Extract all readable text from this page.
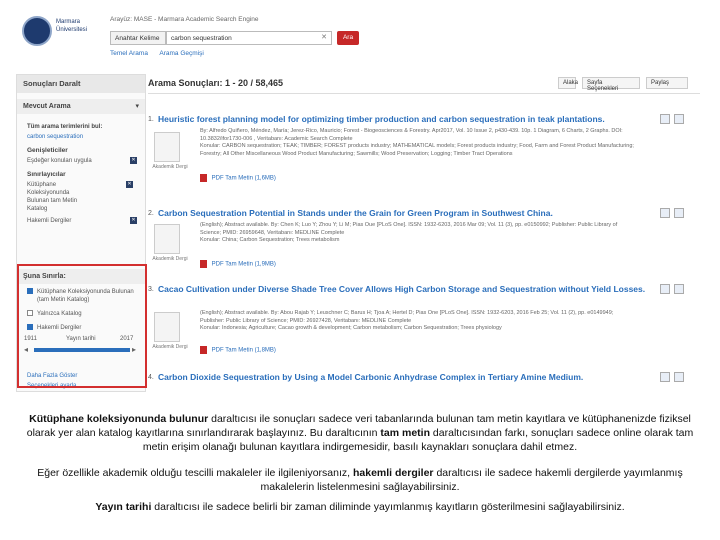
Marmara Üniversitesi
Arayüz: MASE - Marmara Academic Search Engine
Anahtar Kelime	carbon sequestration	✕	Ara
Temel Arama Arama Geçmişi
Sonuçları Daralt
Mevcut Arama	▾
Tüm arama terimlerini bul:
carbon sequestration
Genişleticiler
Eşdeğer konuları uygula	✕
Sınırlayıcılar
Kütüphane Koleksiyonunda Bulunan tam Metin Katalog
✕
Hakemli Dergiler	✕
Şuna Sınırla:
Kütüphane Koleksiyonunda Bulunan (tam Metin Katalog)
Yalnızca Katalog
Hakemli Dergiler
Daha Fazla Göster
Seçenekleri ayarla
1911	Yayın tarihi	2017
◂	▸
Arama Sonuçları: 1 - 20 / 58,465	Alaka	Sayfa Seçenekleri
Paylaş
1. Heuristic forest planning model for optimizing timber production and carbon sequestration in teak plantations.
Akademik Dergi
By: Alfredo Quiñero, Méndez, María; Jerez-Rico, Mauricio; Forest - Biogeosciences & Forestry. Apr2017, Vol. 10 Issue 2, p430-439. 10p. 1 Diagram, 6 Charts, 2 Graphs. DOI:
10.3832/ifor1730-006 , Veritabanı: Academic Search Complete
Konular: CARBON sequestration; TEAK; TIMBER; FOREST products industry; MATHEMATICAL models; Forest products industry; Food, Farm and Forest Product Manufacturing;
Forestry; All Other Miscellaneous Wood Product Manufacturing; Sawmills; Wood Preservation; Logging; Timber Tract Operations
PDF Tam Metin (1,6MB)
2. Carbon Sequestration Potential in Stands under the Grain for Green Program in Southwest China.
Akademik Dergi
(English); Abstract available. By: Chen K; Luo Y; Zhou Y; Li M; Pias Oue [PLoS One]. ISSN: 1932-6203, 2016 Mar 09; Vol. 11 (3), pp. e0150992; Publisher: Public Library of
Science; PMID: 26959648, Veritabanı: MEDLINE Complete
Konular: China; Carbon Sequestration; Trees metabolism
PDF Tam Metin (1,9MB)
3. Cacao Cultivation under Diverse Shade Tree Cover Allows High Carbon Storage and Sequestration without Yield Losses.
Akademik Dergi
(English); Abstract available. By: Abou Rajab Y; Leuschner C; Barus H; Tjoa A; Hertel D; Pias One [PLoS One]. ISSN: 1932-6203, 2016 Feb 25; Vol. 11 (2), pp. e0149949;
Publisher: Public Library of Science; PMID: 26927428, Veritabanı: MEDLINE Complete
Konular: Indonesia; Agriculture; Cacao growth & development; Carbon metabolism; Carbon Sequestration; Trees physiology
PDF Tam Metin (1,8MB)
4. Carbon Dioxide Sequestration by Using a Model Carbonic Anhydrase Complex in Tertiary Amine Medium.
Kütüphane koleksiyonunda bulunur daraltıcısı ile sonuçları sadece veri tabanlarında bulunan tam metin kayıtlara ve kütüphanenizde fiziksel olarak yer alan katalog kayıtlarına sınırlandırarak başlayınız. Bu daraltıcının tam metin daraltıcısından farkı, sonuçları sadece online olarak tam metin erişim olanağı bulunan kayıtlara indirgemesidir, basılı kaynakları sonuçlara dahil etmez.
Eğer özellikle akademik olduğu tescilli makaleler ile ilgileniyorsanız, hakemli dergiler daraltıcısı ile sadece hakemli dergilerde yayımlanmış makalelerin listelenmesini sağlayabilirsiniz.
Yayın tarihi daraltıcısı ile sadece belirli bir zaman diliminde yayımlanmış kayıtların gösterilmesini sağlayabilirsiniz.
